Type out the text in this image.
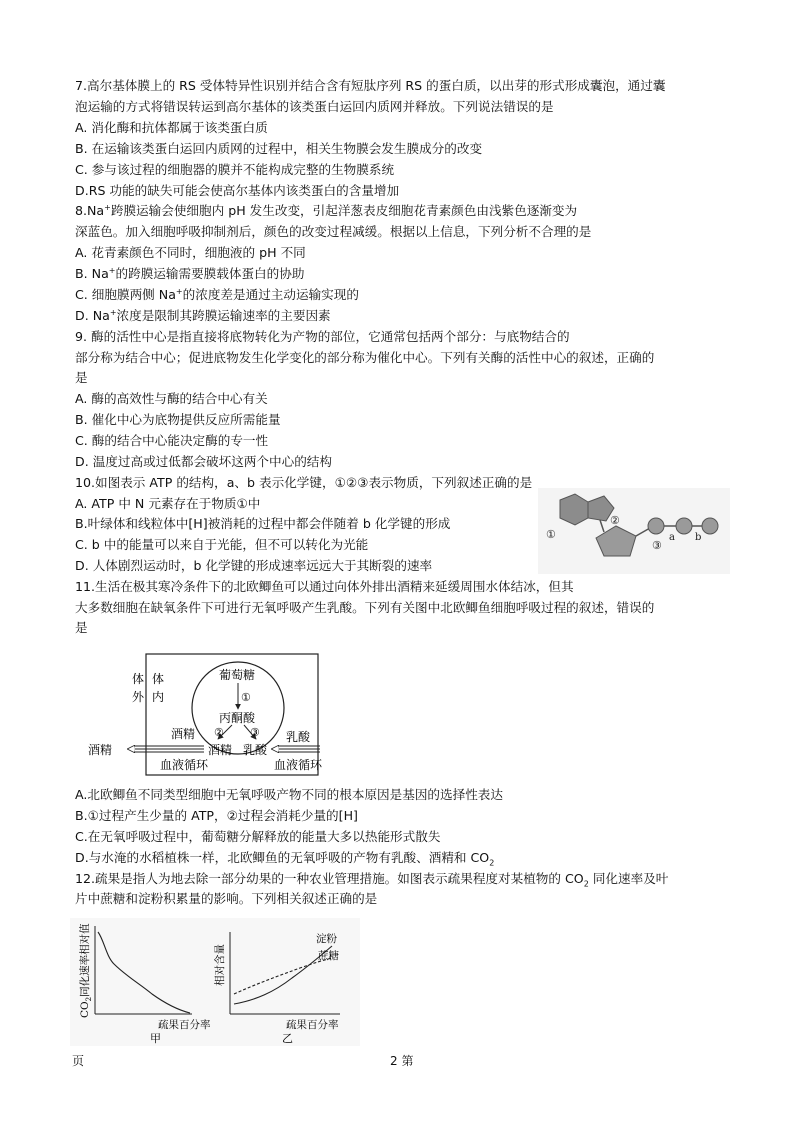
7.高尔基体膜上的 RS 受体特异性识别并结合含有短肽序列 RS 的蛋白质，以出芽的形式形成囊泡，通过囊
泡运输的方式将错误转运到高尔基体的该类蛋白运回内质网并释放。下列说法错误的是
A. 消化酶和抗体都属于该类蛋白质
B. 在运输该类蛋白运回内质网的过程中，相关生物膜会发生膜成分的改变
C. 参与该过程的细胞器的膜并不能构成完整的生物膜系统
D.RS 功能的缺失可能会使高尔基体内该类蛋白的含量增加
8.Na+跨膜运输会使细胞内 pH 发生改变，引起洋葱表皮细胞花青素颜色由浅紫色逐渐变为
深蓝色。加入细胞呼吸抑制剂后，颜色的改变过程减缓。根据以上信息，下列分析不合理的是
A. 花青素颜色不同时，细胞液的 pH 不同
B. Na+的跨膜运输需要膜载体蛋白的协助
C. 细胞膜两侧 Na+的浓度差是通过主动运输实现的
D. Na+浓度是限制其跨膜运输速率的主要因素
9. 酶的活性中心是指直接将底物转化为产物的部位，它通常包括两个部分：与底物结合的
部分称为结合中心；促进底物发生化学变化的部分称为催化中心。下列有关酶的活性中心的叙述，正确的
是
A. 酶的高效性与酶的结合中心有关
B. 催化中心为底物提供反应所需能量
C. 酶的结合中心能决定酶的专一性
D. 温度过高或过低都会破坏这两个中心的结构
10.如图表示 ATP 的结构，a、b 表示化学键，①②③表示物质，下列叙述正确的是
A. ATP 中 N 元素存在于物质①中
B.叶绿体和线粒体中[H]被消耗的过程中都会伴随着 b 化学键的形成
C. b 中的能量可以来自于光能，但不可以转化为光能
D. 人体剧烈运动时，b 化学键的形成速率远远大于其断裂的速率
①
②
③
a b
11.生活在极其寒冷条件下的北欧鲫鱼可以通过向体外排出酒精来延缓周围水体结冰，但其
大多数细胞在缺氧条件下可进行无氧呼吸产生乳酸。下列有关图中北欧鲫鱼细胞呼吸过程的叙述，错误的
是
体
外
体
内
葡萄糖
①
丙酮酸
② ③
酒精
酒精 乳酸
酒精
血液循环
乳酸
血液循环
A.北欧鲫鱼不同类型细胞中无氧呼吸产物不同的根本原因是基因的选择性表达
B.①过程产生少量的 ATP，②过程会消耗少量的[H]
C.在无氧呼吸过程中，葡萄糖分解释放的能量大多以热能形式散失
D.与水淹的水稻植株一样，北欧鲫鱼的无氧呼吸的产物有乳酸、酒精和 $CO_2$
12.疏果是指人为地去除一部分幼果的一种农业管理措施。如图表示疏果程度对某植物的 $CO_2$ 同化速率及叶
片中蔗糖和淀粉积累量的影响。下列相关叙述正确的是
$CO_2$同化速率相对值
疏果百分率
甲
相对含量
淀粉
蔗糖
疏果百分率
乙
页	2 第
